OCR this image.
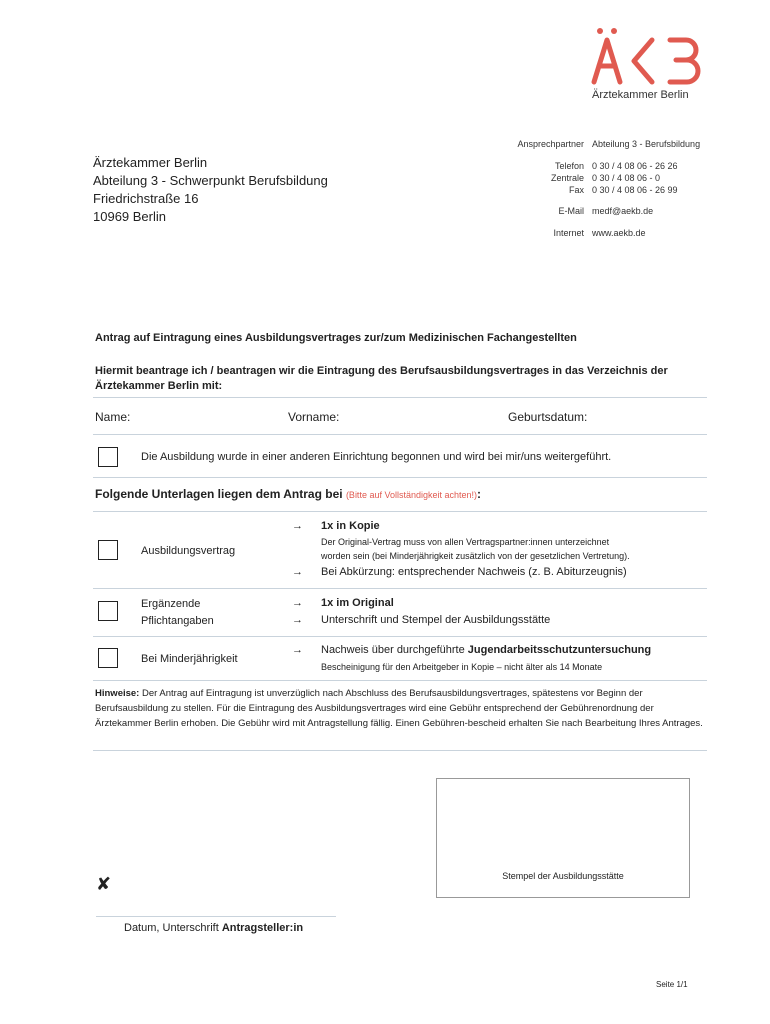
Ärztekammer Berlin
Ansprechpartner Abteilung 3 - Berufsbildung
Telefon 0 30 / 4 08 06 - 26 26
Zentrale 0 30 / 4 08 06 - 0
Fax 0 30 / 4 08 06 - 26 99
E-Mail medf@aekb.de
Internet www.aekb.de
Ärztekammer Berlin
Abteilung 3 - Schwerpunkt Berufsbildung
Friedrichstraße 16
10969 Berlin
Antrag auf Eintragung eines Ausbildungsvertrages zur/zum Medizinischen Fachangestellten
Hiermit beantrage ich / beantragen wir die Eintragung des Berufsausbildungsvertrages in das Verzeichnis der Ärztekammer Berlin mit:
Name:	Vorname:	Geburtsdatum:
Die Ausbildung wurde in einer anderen Einrichtung begonnen und wird bei mir/uns weitergeführt.
Folgende Unterlagen liegen dem Antrag bei (Bitte auf Vollständigkeit achten!):
Ausbildungsvertrag
→ 1x in Kopie
Der Original-Vertrag muss von allen Vertragspartner:innen unterzeichnet
worden sein (bei Minderjährigkeit zusätzlich von der gesetzlichen Vertretung).
→ Bei Abkürzung: entsprechender Nachweis (z. B. Abiturzeugnis)
Ergänzende
Pflichtangaben
→ 1x im Original
→ Unterschrift und Stempel der Ausbildungsstätte
Bei Minderjährigkeit
→ Nachweis über durchgeführte Jugendarbeitsschutzuntersuchung
Bescheinigung für den Arbeitgeber in Kopie – nicht älter als 14 Monate
Hinweise: Der Antrag auf Eintragung ist unverzüglich nach Abschluss des Berufsausbildungsvertrages, spätestens vor Beginn der Berufsausbildung zu stellen. Für die Eintragung des Ausbildungsvertrages wird eine Gebühr entsprechend der Gebührenordnung der Ärztekammer Berlin erhoben. Die Gebühr wird mit Antragstellung fällig. Einen Gebühren-bescheid erhalten Sie nach Bearbeitung Ihres Antrages.
Stempel der Ausbildungsstätte
✘
Datum, Unterschrift Antragsteller:in
Seite 1/1
